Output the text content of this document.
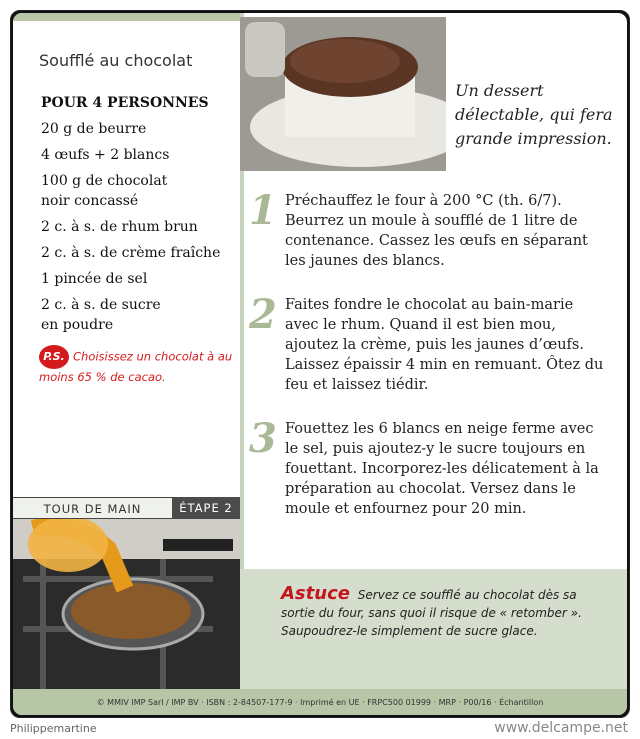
Soufflé au chocolat
POUR 4 PERSONNES
20 g de beurre
4 œufs + 2 blancs
100 g de chocolat noir concassé
2 c. à s. de rhum brun
2 c. à s. de crème fraîche
1 pincée de sel
2 c. à s. de sucre en poudre
P.S. Choisissez un chocolat à au moins 65 % de cacao.
TOUR DE MAIN	ÉTAPE 2
Un dessert délectable, qui fera grande impression.
1 Préchauffez le four à 200 °C (th. 6/7). Beurrez un moule à soufflé de 1 litre de contenance. Cassez les œufs en séparant les jaunes des blancs.
2 Faites fondre le chocolat au bain-marie avec le rhum. Quand il est bien mou, ajoutez la crème, puis les jaunes d’œufs. Laissez épaissir 4 min en remuant. Ôtez du feu et laissez tiédir.
3 Fouettez les 6 blancs en neige ferme avec le sel, puis ajoutez-y le sucre toujours en fouettant. Incorporez-les délicatement à la préparation au chocolat. Versez dans le moule et enfournez pour 20 min.
Astuce Servez ce soufflé au chocolat dès sa sortie du four, sans quoi il risque de « retomber ». Saupoudrez-le simplement de sucre glace.
© MMIV IMP Sarl / IMP BV · ISBN : 2-84507-177-9 · Imprimé en UE · FRPC500 01999 · MRP · P00/16 · Échantillon
Philippemartine	www.delcampe.net
